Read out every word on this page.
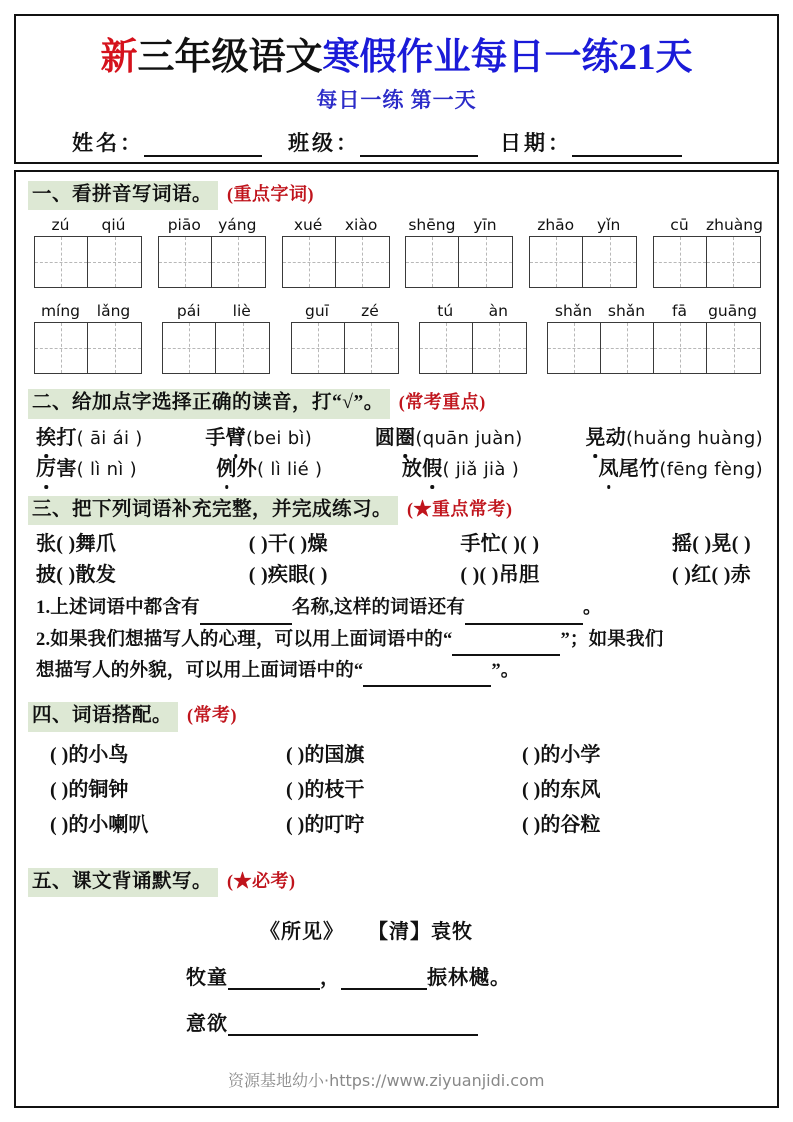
新三年级语文寒假作业每日一练21天
每日一练 第一天
姓名：	班级：	日期：
一、看拼音写词语。 (重点字词)
zú	qiú	piāo	yáng	xué	xiào	shēng	yīn	zhāo	yǐn	cū	zhuàng
míng	lǎng	pái	liè	guī	zé	tú	àn	shǎn	shǎn	fā	guāng
二、给加点字选择正确的读音，打“√”。 (常考重点)
挨打( āi ái )	手臂(bei bì)	圆圈(quān juàn)	晃动(huǎng huàng)
厉害( lì nì )	例外( lì lié )	放假( jiǎ jià )	凤尾竹(fēng fèng)
三、把下列词语补充完整，并完成练习。 (★重点常考)
张( )舞爪	( )干( )燥	手忙( )( )	摇( )晃( )
披( )散发	( )疾眼( )	( )( )吊胆	( )红( )赤
1.上述词语中都含有	名称,这样的词语还有	。
2.如果我们想描写人的心理，可以用上面词语中的“	”；如果我们
想描写人的外貌，可以用上面词语中的“	”。
四、词语搭配。 (常考)
( )的小鸟	( )的国旗	( )的小学
( )的铜钟	( )的枝干	( )的东风
( )的小喇叭	( )的叮咛	( )的谷粒
五、课文背诵默写。 (★必考)
《所见》 【清】袁牧
牧童	，	振林樾。
意欲
资源基地幼小·https://www.ziyuanjidi.com
